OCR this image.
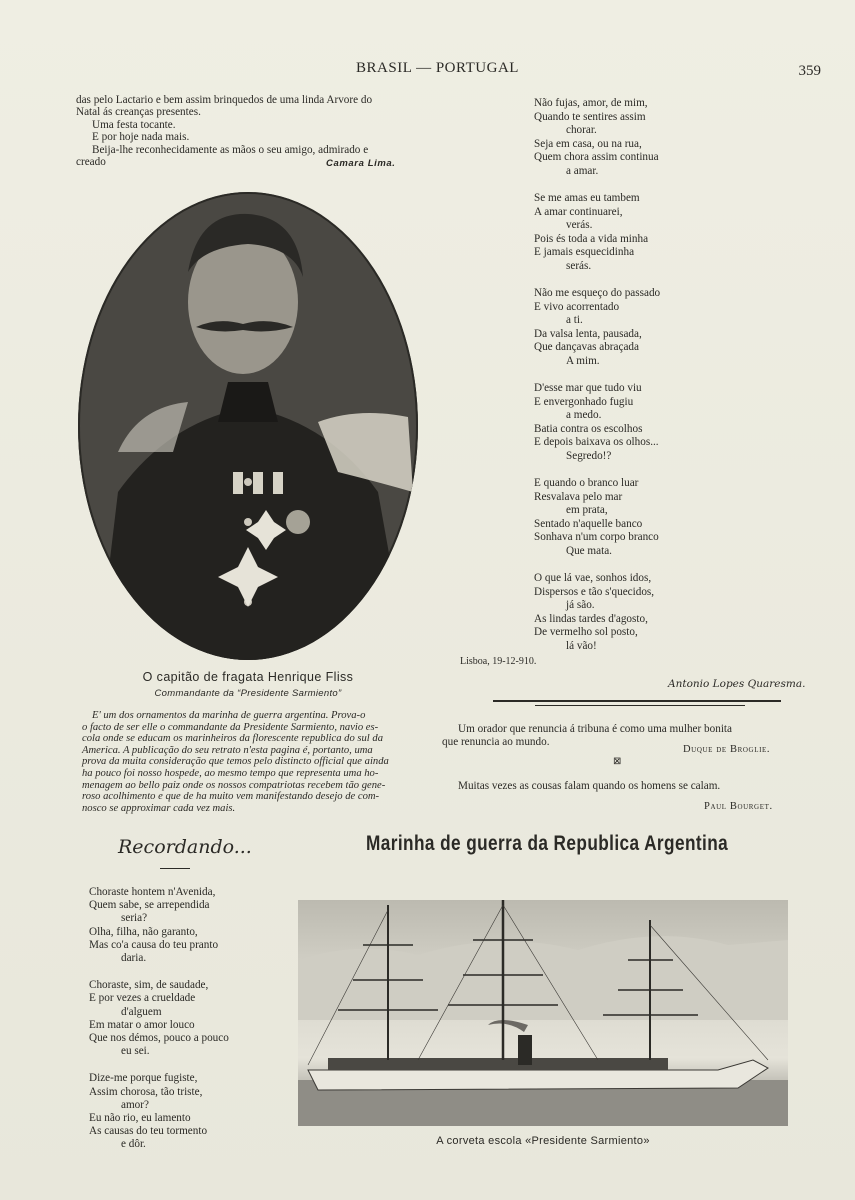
BRASIL — PORTUGAL	359
das pelo Lactario e bem assim brinquedos de uma linda Arvore do
Natal ás creanças presentes.
Uma festa tocante.
E por hoje nada mais.
Beija-lhe reconhecidamente as mãos o seu amigo, admirado e
creado	Camara Lima.
O capitão de fragata Henrique Fliss
Commandante da “Presidente Sarmiento”
E' um dos ornamentos da marinha de guerra argentina. Prova-o
o facto de ser elle o commandante da Presidente Sarmiento, navio es-
cola onde se educam os marinheiros da florescente republica do sul da
America. A publicação do seu retrato n'esta pagina é, portanto, uma
prova da muita consideração que temos pelo distincto official que ainda
ha pouco foi nosso hospede, ao mesmo tempo que representa uma ho-
menagem ao bello paiz onde os nossos compatriotas recebem tão gene-
roso acolhimento e que de ha muito vem manifestando desejo de com-
nosco se approximar cada vez mais.
Não fujas, amor, de mim,
Quando te sentires assim
chorar.
Seja em casa, ou na rua,
Quem chora assim continua
a amar.
Se me amas eu tambem
A amar continuarei,
verás.
Pois és toda a vida minha
E jamais esquecidinha
serás.
Não me esqueço do passado
E vivo acorrentado
a ti.
Da valsa lenta, pausada,
Que dançavas abraçada
A mim.
D'esse mar que tudo viu
E envergonhado fugiu
a medo.
Batia contra os escolhos
E depois baixava os olhos...
Segredo!?
E quando o branco luar
Resvalava pelo mar
em prata,
Sentado n'aquelle banco
Sonhava n'um corpo branco
Que mata.
O que lá vae, sonhos idos,
Dispersos e tão s'quecidos,
já são.
As lindas tardes d'agosto,
De vermelho sol posto,
lá vão!
Lisboa, 19-12-910.
Antonio Lopes Quaresma.
Um orador que renuncia á tribuna é como uma mulher bonita
que renuncia ao mundo.
Duque de Broglie.
⊠
Muitas vezes as cousas falam quando os homens se calam.
Paul Bourget.
Recordando...
Choraste hontem n'Avenida,
Quem sabe, se arrependida
seria?
Olha, filha, não garanto,
Mas co'a causa do teu pranto
daria.
Choraste, sim, de saudade,
E por vezes a crueldade
d'alguem
Em matar o amor louco
Que nos démos, pouco a pouco
eu sei.
Dize-me porque fugiste,
Assim chorosa, tão triste,
amor?
Eu não rio, eu lamento
As causas do teu tormento
e dôr.
Marinha de guerra da Republica Argentina
A corveta escola «Presidente Sarmiento»
